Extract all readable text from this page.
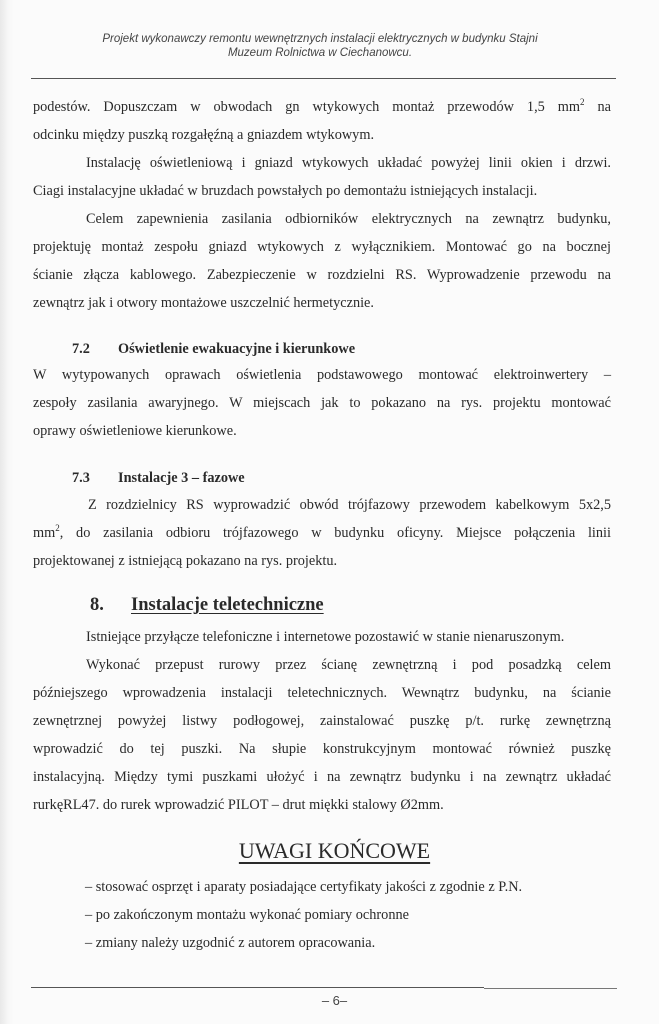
Projekt wykonawczy remontu wewnętrznych instalacji elektrycznych w budynku Stajni
Muzeum Rolnictwa w Ciechanowcu.
podestów. Dopuszczam w obwodach gn wtykowych montaż przewodów 1,5 $mm^2$ na
odcinku między puszką rozgałęźną a gniazdem wtykowym.
Instalację oświetleniową i gniazd wtykowych układać powyżej linii okien i drzwi.
Ciagi instalacyjne układać w bruzdach powstałych po demontażu istniejących instalacji.
Celem zapewnienia zasilania odbiorników elektrycznych na zewnątrz budynku,
projektuję montaż zespołu gniazd wtykowych z wyłącznikiem. Montować go na bocznej
ścianie złącza kablowego. Zabezpieczenie w rozdzielni RS. Wyprowadzenie przewodu na
zewnątrz jak i otwory montażowe uszczelnić hermetycznie.
7.2 Oświetlenie ewakuacyjne i kierunkowe
W wytypowanych oprawach oświetlenia podstawowego montować elektroinwertery –
zespoły zasilania awaryjnego. W miejscach jak to pokazano na rys. projektu montować
oprawy oświetleniowe kierunkowe.
7.3 Instalacje 3 – fazowe
Z rozdzielnicy RS wyprowadzić obwód trójfazowy przewodem kabelkowym 5x2,5
$mm^2$, do zasilania odbioru trójfazowego w budynku oficyny. Miejsce połączenia linii
projektowanej z istniejącą pokazano na rys. projektu.
8. Instalacje teletechniczne
Istniejące przyłącze telefoniczne i internetowe pozostawić w stanie nienaruszonym.
Wykonać przepust rurowy przez ścianę zewnętrzną i pod posadzką celem
późniejszego wprowadzenia instalacji teletechnicznych. Wewnątrz budynku, na ścianie
zewnętrznej powyżej listwy podłogowej, zainstalować puszkę p/t. rurkę zewnętrzną
wprowadzić do tej puszki. Na słupie konstrukcyjnym montować również puszkę
instalacyjną. Między tymi puszkami ułożyć i na zewnątrz budynku i na zewnątrz układać
rurkęRL47. do rurek wprowadzić PILOT – drut miękki stalowy Ø2mm.
UWAGI KOŃCOWE
– stosować osprzęt i aparaty posiadające certyfikaty jakości z zgodnie z P.N.
– po zakończonym montażu wykonać pomiary ochronne
– zmiany należy uzgodnić z autorem opracowania.
– 6–
